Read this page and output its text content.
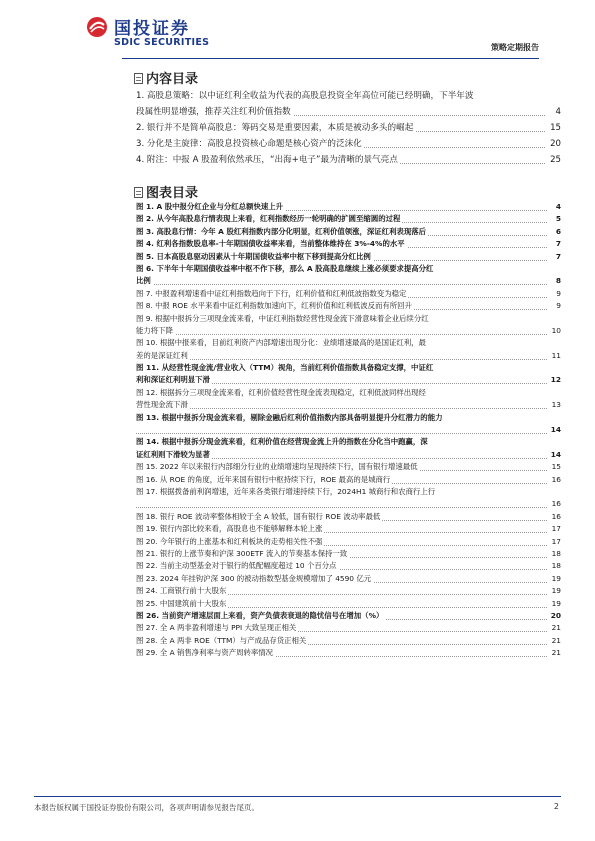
国投证券
SDIC SECURITIES	策略定期报告
内容目录
1. 高股息策略：以中证红利全收益为代表的高股息投资全年高位可能已经明确，下半年波
段属性明显增强，推荐关注红利价值指数	4
2. 银行并不是简单高股息：筹码交易是重要因素，本质是被动多头的崛起	15
3. 分化是主旋律：高股息投资核心命题是核心资产的泛沫化	20
4. 附注：中报 A 股盈利依然承压，“出海+电子”最为清晰的景气亮点	25
图表目录
图 1. A 股中报分红企业与分红总额快速上升	4
图 2. 从今年高股息行情表现上来看，红利指数经历一轮明确的扩圆至缩圆的过程	5
图 3. 高股息行情：今年 A 股红利指数内部分化明显，红利价值领涨，深证红利表现落后	6
图 4. 红利各指数股息率-十年期国债收益率来看，当前整体维持在 3%-4%的水平	7
图 5. 日本高股息驱动因素从十年期国债收益率中枢下移到提高分红比例	7
图 6. 下半年十年期国债收益率中枢不作下移，那么 A 股高股息继续上涨必须要求提高分红
比例	8
图 7. 中报盈利增速看中证红利指数趋向于下行，红利价值和红利低波指数变为稳定	9
图 8. 中报 ROE 水平来看中证红利指数加速向下，红利价值和红利低波反而有所回升	9
图 9. 根据中报拆分三项现金流来看，中证红利指数经营性现金流下滑意味着企业后续分红
能力将下降	10
图 10. 根据中报来看，目前红利资产内部增速出现分化：业绩增速最高的是国证红利，最
差的是深证红利	11
图 11. 从经营性现金流/营业收入（TTM）视角，当前红利价值指数具备稳定支撑，中证红
利和深证红利明显下滑	12
图 12. 根据拆分三项现金流来看，红利价值经营性现金流表现稳定，红利低波同样出现经
营性现金流下滑	13
图 13. 根据中报拆分现金流来看，剔除金融后红利价值指数内部具备明显提升分红潜力的能力
14
图 14. 根据中报拆分现金流来看，红利价值在经营现金流上升的指数在分化当中跑赢，深
证红利则下滑较为显著	14
图 15. 2022 年以来银行内部细分行业的业绩增速均呈现持续下行，国有银行增速最低	15
图 16. 从 ROE 的角度，近年来国有银行中枢持续下行，ROE 最高的是城商行	16
图 17. 根据拨备前利润增速，近年来各类银行增速持续下行，2024H1 城商行和农商行上行
16
图 18. 银行 ROE 波动率整体相较于全 A 较低，国有银行 ROE 波动率最低	16
图 19. 银行内部比较来看，高股息也不能够解释本轮上涨	17
图 20. 今年银行的上涨基本和红利板块的走势相关性不强	17
图 21. 银行的上涨节奏和沪深 300ETF 流入的节奏基本保持一致	18
图 22. 当前主动型基金对于银行的低配幅度超过 10 个百分点	18
图 23. 2024 年挂钩沪深 300 的被动指数型基金规模增加了 4590 亿元	19
图 24. 工商银行前十大股东	19
图 25. 中国建筑前十大股东	19
图 26. 当前资产增速层面上来看，资产负债表衰退的隐忧信号在增加（%）	20
图 27. 全 A 两非盈利增速与 PPI 大致呈现正相关	21
图 28. 全 A 两非 ROE（TTM）与产成品存货正相关	21
图 29. 全 A 销售净利率与资产周转率情况	21
本报告版权属于国投证券股份有限公司，各项声明请参见报告尾页。	2
